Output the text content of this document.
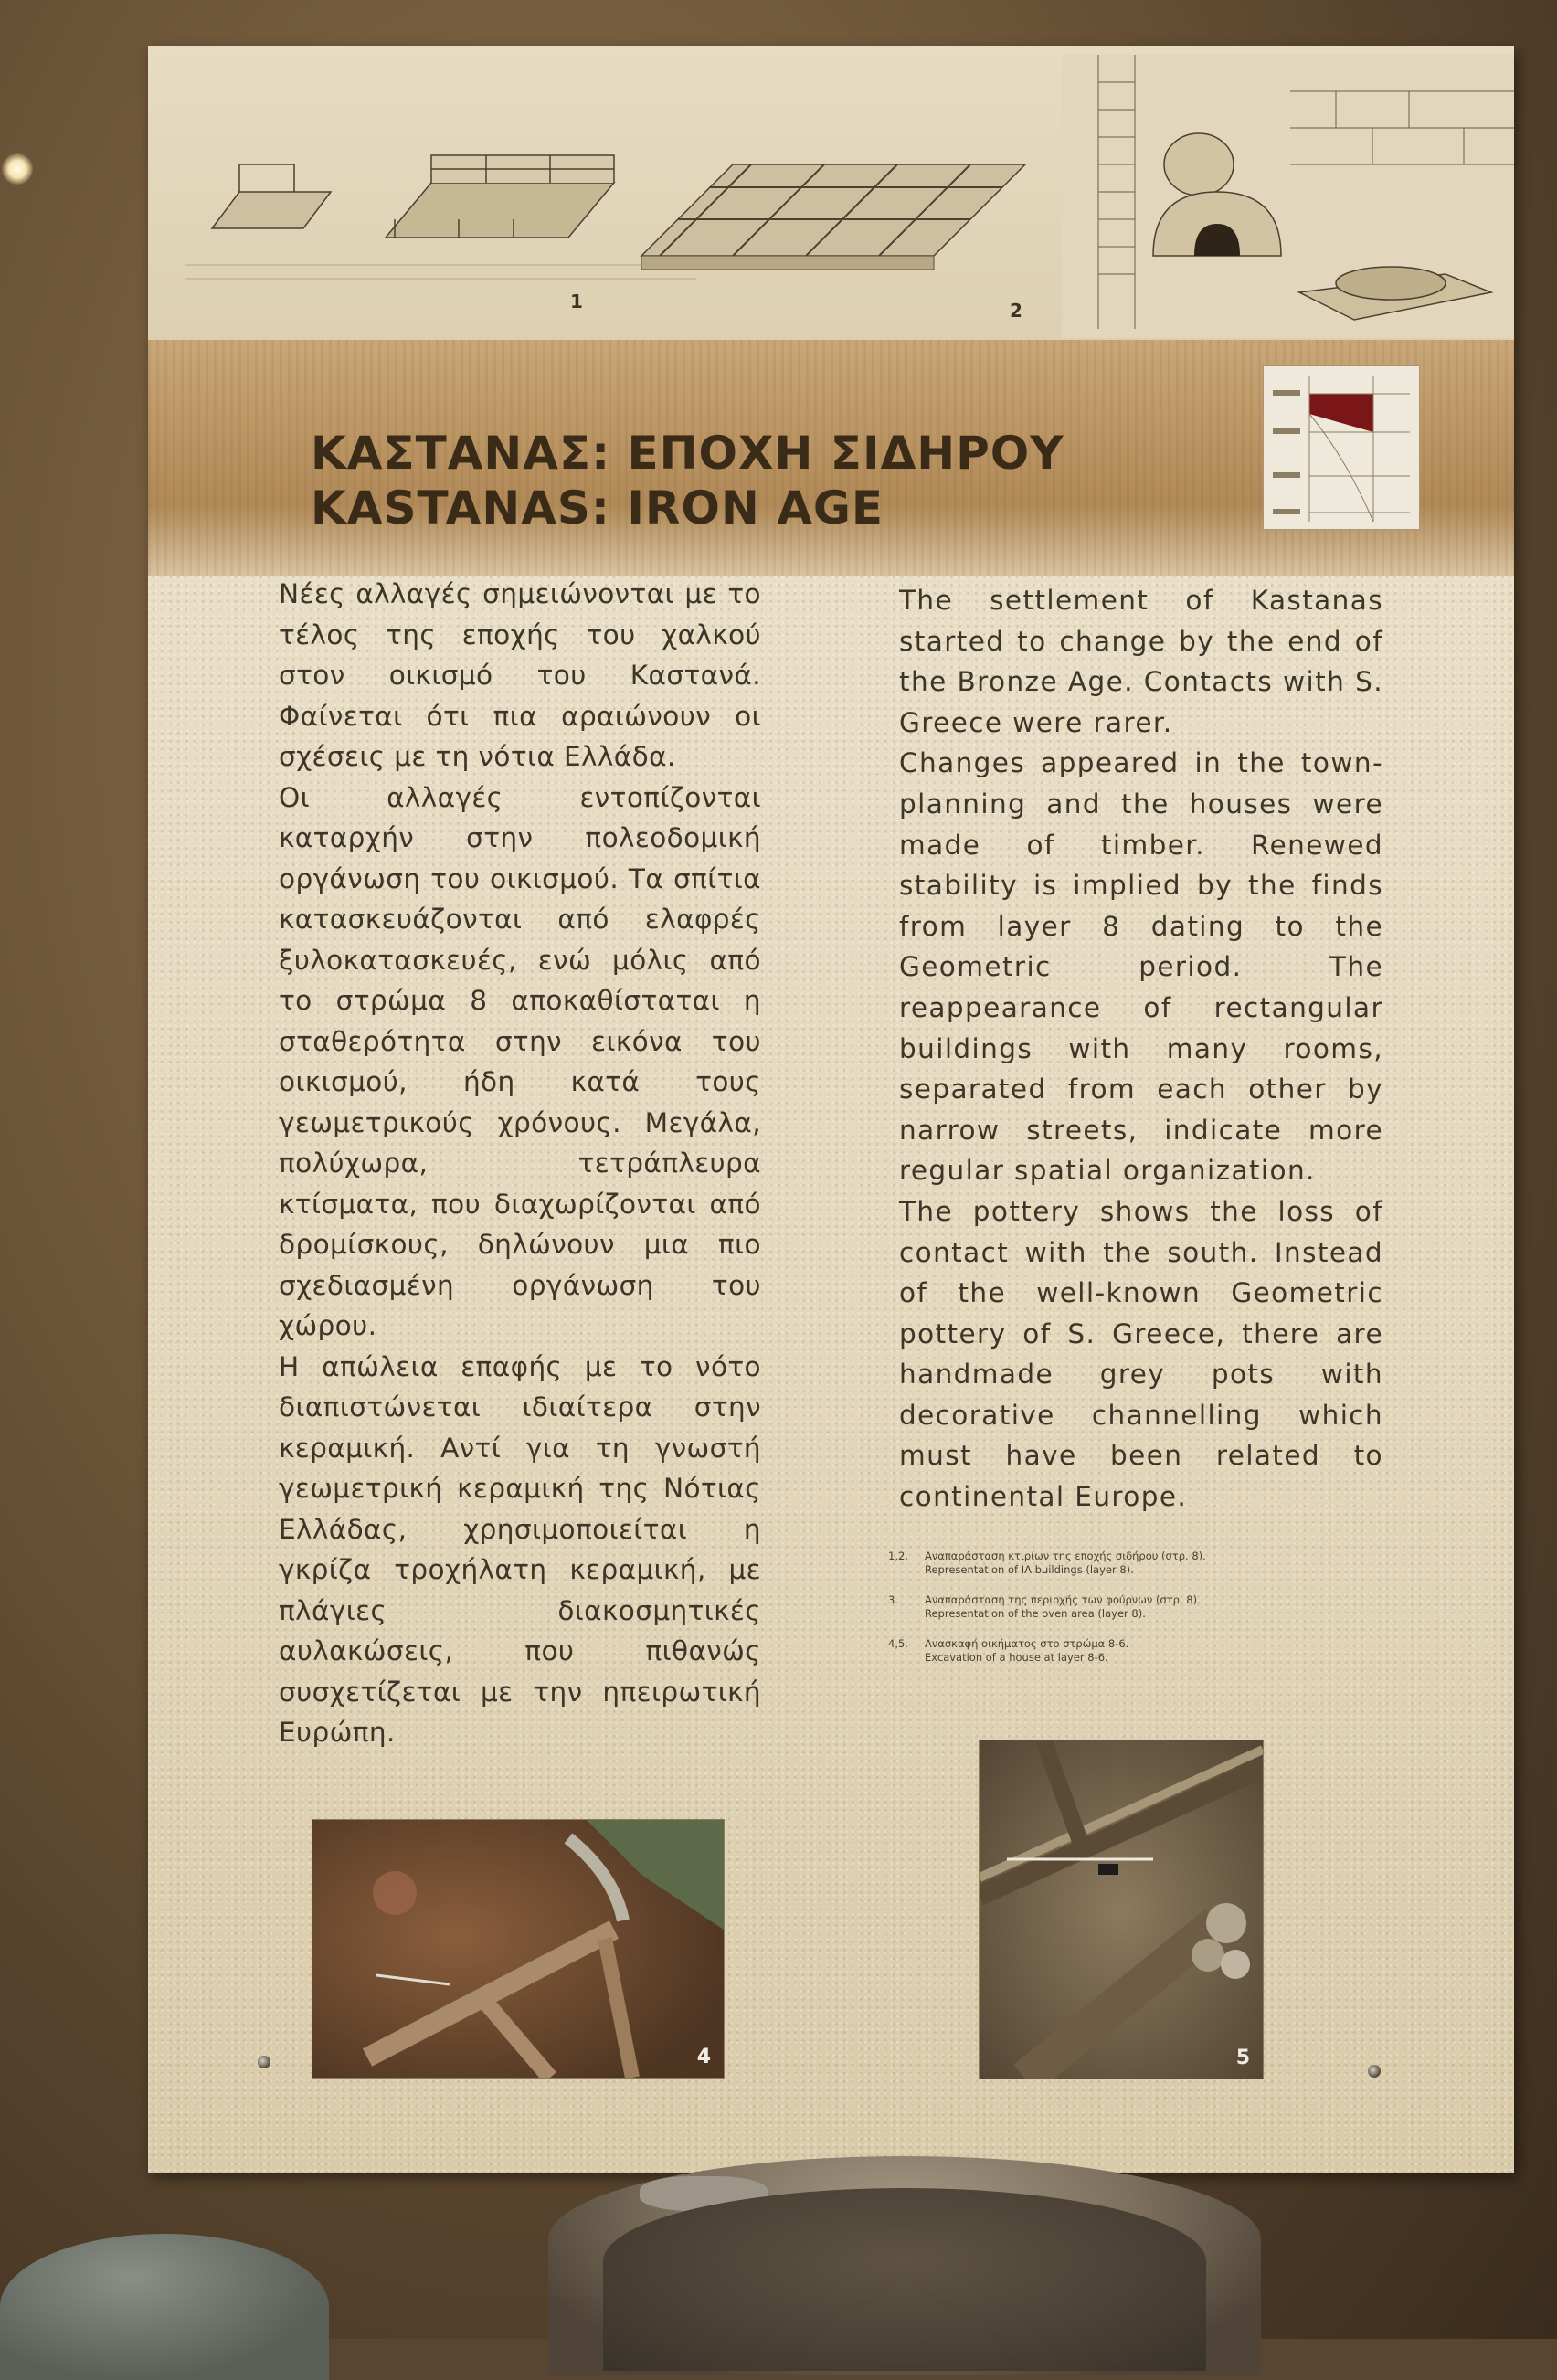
1	2
ΚΑΣΤΑΝΑΣ: ΕΠΟΧΗ ΣΙΔΗΡΟΥ
KASTANAS: IRON AGE

Νέες αλλαγές σημειώνονται με το τέλος της εποχής του χαλκού στον οικισμό του Καστανά. Φαίνεται ότι πια αραιώνουν οι σχέσεις με τη νότια Ελλάδα.

Οι αλλαγές εντοπίζονται καταρχήν στην πολεοδομική οργάνωση του οικισμού. Τα σπίτια κατασκευάζονται από ελαφρές ξυλοκατασκευές, ενώ μόλις από το στρώμα 8 αποκαθίσταται η σταθερότητα στην εικόνα του οικισμού, ήδη κατά τους γεωμετρικούς χρόνους. Μεγάλα, πολύχωρα, τετράπλευρα κτίσματα, που διαχωρίζονται από δρομίσκους, δηλώνουν μια πιο σχεδιασμένη οργάνωση του χώρου.

Η απώλεια επαφής με το νότο διαπιστώνεται ιδιαίτερα στην κεραμική. Αντί για τη γνωστή γεωμετρική κεραμική της Νότιας Ελλάδας, χρησιμοποιείται η γκρίζα τροχήλατη κεραμική, με πλάγιες διακοσμητικές αυλακώσεις, που πιθανώς συσχετίζεται με την ηπειρωτική Ευρώπη.

The settlement of Kastanas started to change by the end of the Bronze Age. Contacts with S. Greece were rarer.

Changes appeared in the town-planning and the houses were made of timber. Renewed stability is implied by the finds from layer 8 dating to the Geometric period. The reappearance of rectangular buildings with many rooms, separated from each other by narrow streets, indicate more regular spatial organization.

The pottery shows the loss of contact with the south. Instead of the well-known Geometric pottery of S. Greece, there are handmade grey pots with decorative channelling which must have been related to continental Europe.

1,2.	Αναπαράσταση κτιρίων της εποχής σιδήρου (στρ. 8).
Representation of IA buildings (layer 8).
3.	Αναπαράσταση της περιοχής των φούρνων (στρ. 8).
Representation of the oven area (layer 8).
4,5.	Ανασκαφή οικήματος στο στρώμα 8-6.
Excavation of a house at layer 8-6.
4	5
